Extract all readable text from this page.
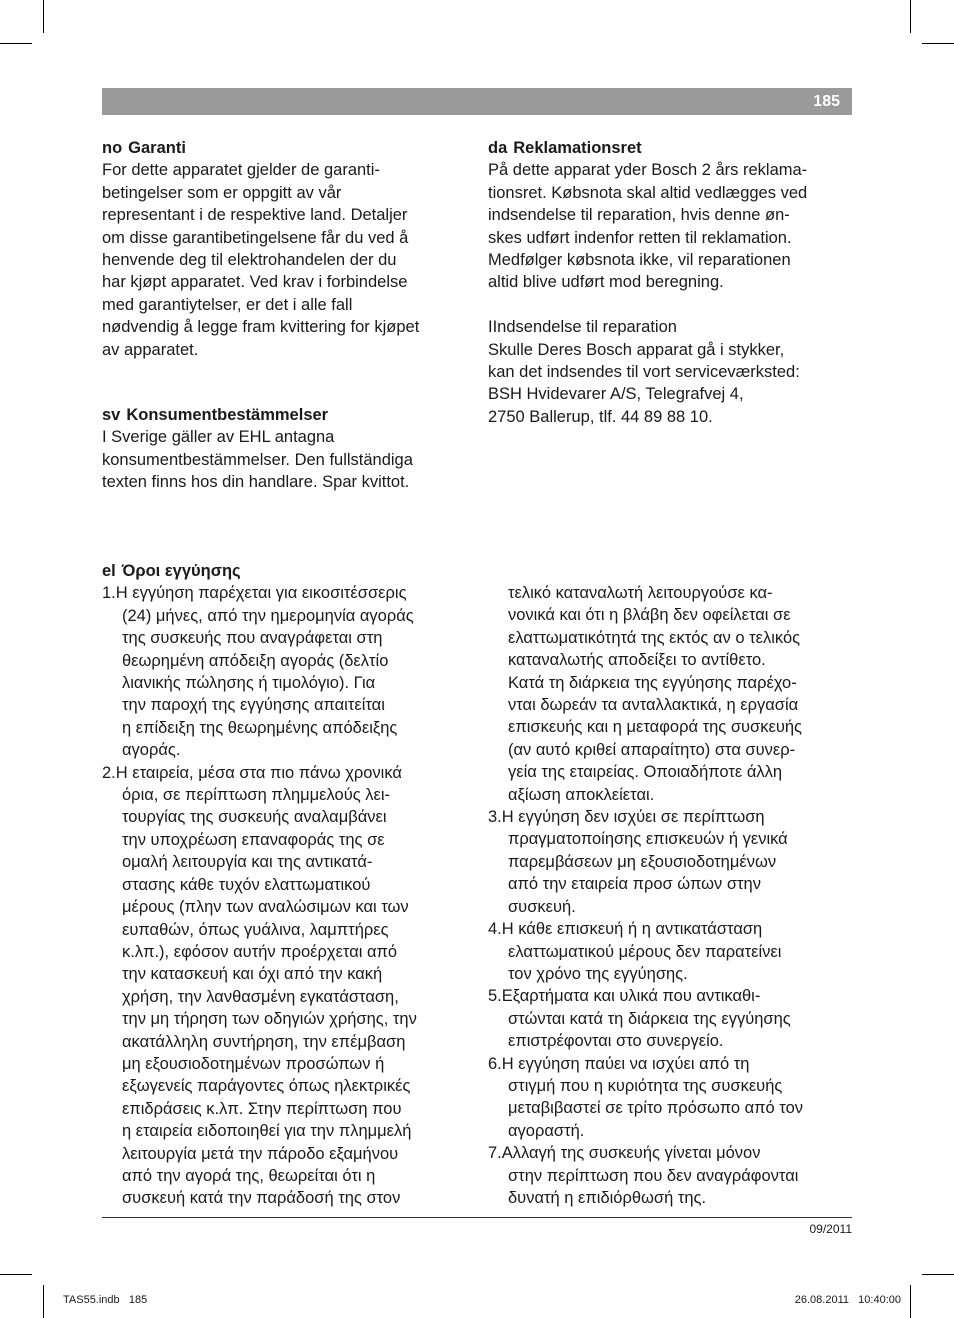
185

no Garanti

For dette apparatet gjelder de garanti-

betingelser som er oppgitt av vår

representant i de respektive land. Detaljer

om disse garantibetingelsene får du ved å

henvende deg til elektrohandelen der du

har kjøpt apparatet. Ved krav i forbindelse

med garantiytelser, er det i alle fall

nødvendig å legge fram kvittering for kjøpet

av apparatet.

sv Konsumentbestämmelser

I Sverige gäller av EHL antagna

konsumentbestämmelser. Den fullständiga

texten finns hos din handlare. Spar kvittot.

da Reklamationsret

På dette apparat yder Bosch 2 års reklama-

tionsret. Købsnota skal altid vedlægges ved

indsendelse til reparation, hvis denne øn-

skes udført indenfor retten til reklamation.

Medfølger købsnota ikke, vil reparationen

altid blive udført mod beregning.

IIndsendelse til reparation

Skulle Deres Bosch apparat gå i stykker,

kan det indsendes til vort serviceværksted:

BSH Hvidevarer A/S, Telegrafvej 4,

2750 Ballerup, tlf. 44 89 88 10.

el Όροι εγγύησης

1.Η εγγύηση παρέχεται για εικοσιτέσσερις

(24) μήνες, από την ημερομηνία αγοράς

της συσκευής που αναγράφεται στη

θεωρημένη απόδειξη αγοράς (δελτίο

λιανικής πώλησης ή τιμολόγιο). Για

την παροχή της εγγύησης απαιτείται

η επίδειξη της θεωρημένης απόδειξης

αγοράς.

2.Η εταιρεία, μέσα στα πιο πάνω χρονικά

όρια, σε περίπτωση πλημμελούς λει-

τουργίας της συσκευής αναλαμβάνει

την υποχρέωση επαναφοράς της σε

ομαλή λειτουργία και της αντικατά-

στασης κάθε τυχόν ελαττωματικού

μέρους (πλην των αναλώσιμων και των

ευπαθών, όπως γυάλινα, λαμπτήρες

κ.λπ.), εφόσον αυτήν προέρχεται από

την κατασκευή και όχι από την κακή

χρήση, την λανθασμένη εγκατάσταση,

την μη τήρηση των οδηγιών χρήσης, την

ακατάλληλη συντήρηση, την επέμβαση

μη εξουσιοδοτημένων προσώπων ή

εξωγενείς παράγοντες όπως ηλεκτρικές

επιδράσεις κ.λπ. Στην περίπτωση που

η εταιρεία ειδοποιηθεί για την πλημμελή

λειτουργία μετά την πάροδο εξαμήνου

από την αγορά της, θεωρείται ότι η

συσκευή κατά την παράδοσή της στον

τελικό καταναλωτή λειτουργούσε κα-

νονικά και ότι η βλάβη δεν οφείλεται σε

ελαττωματικότητά της εκτός αν ο τελικός

καταναλωτής αποδείξει το αντίθετο.

Κατά τη διάρκεια της εγγύησης παρέχο-

νται δωρεάν τα ανταλλακτικά, η εργασία

επισκευής και η μεταφορά της συσκευής

(αν αυτό κριθεί απαραίτητο) στα συνερ-

γεία της εταιρείας. Οποιαδήποτε άλλη

αξίωση αποκλείεται.

3.Η εγγύηση δεν ισχύει σε περίπτωση

πραγματοποίησης επισκευών ή γενικά

παρεμβάσεων μη εξουσιοδοτημένων

από την εταιρεία προσ ώπων στην

συσκευή.

4.Η κάθε επισκευή ή η αντικατάσταση

ελαττωματικού μέρους δεν παρατείνει

τον χρόνο της εγγύησης.

5.Εξαρτήματα και υλικά που αντικαθι-

στώνται κατά τη διάρκεια της εγγύησης

επιστρέφονται στο συνεργείο.

6.Η εγγύηση παύει να ισχύει από τη

στιγμή που η κυριότητα της συσκευής

μεταβιβαστεί σε τρίτο πρόσωπο από τον

αγοραστή.

7.Αλλαγή της συσκευής γίνεται μόνον

στην περίπτωση που δεν αναγράφονται

δυνατή η επιδιόρθωσή της.

09/2011
TAS55.indb   185	26.08.2011   10:40:00
